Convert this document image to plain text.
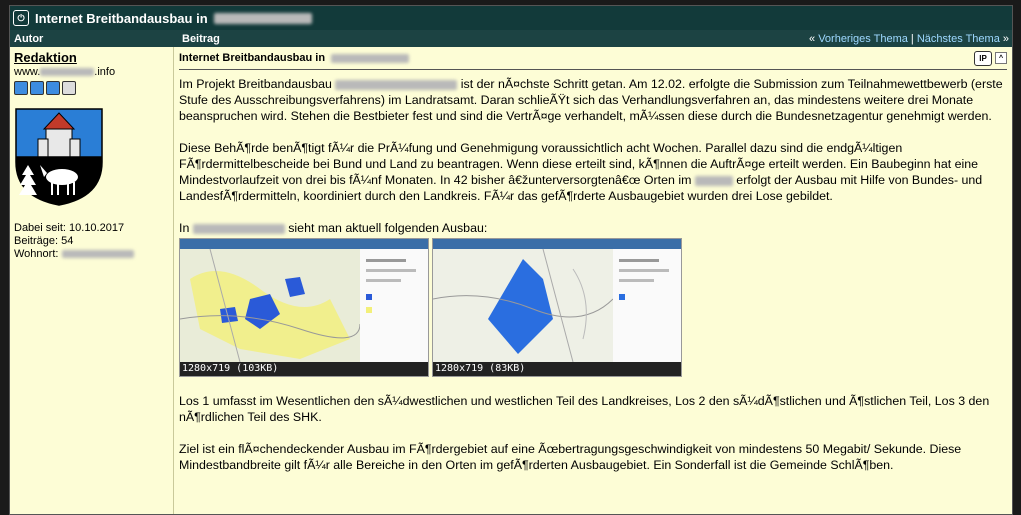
⏻ Internet Breitbandausbau in
Autor	Beitrag	« Vorheriges Thema | Nächstes Thema »
Redaktion
www.	.info
Dabei seit: 10.10.2017
Beiträge: 54
Wohnort:
Internet Breitbandausbau in	IP	^

Im Projekt Breitbandausbau	ist der nÃ¤chste Schritt getan. Am 12.02. erfolgte die Submission zum Teilnahmewettbewerb (erste Stufe des Ausschreibungsverfahrens) im Landratsamt. Daran schlieÃŸt sich das Verhandlungsverfahren an, das mindestens weitere drei Monate beanspruchen wird. Stehen die Bestbieter fest und sind die VertrÃ¤ge verhandelt, mÃ¼ssen diese durch die Bundesnetzagentur genehmigt werden.

Diese BehÃ¶rde benÃ¶tigt fÃ¼r die PrÃ¼fung und Genehmigung voraussichtlich acht Wochen. Parallel dazu sind die endgÃ¼ltigen FÃ¶rdermittelbescheide bei Bund und Land zu beantragen. Wenn diese erteilt sind, kÃ¶nnen die AuftrÃ¤ge erteilt werden. Ein Baubeginn hat eine Mindestvorlaufzeit von drei bis fÃ¼nf Monaten. In 42 bisher â€žunterversorgtenâ€œ Orten im	erfolgt der Ausbau mit Hilfe von Bundes- und LandesfÃ¶rdermitteln, koordiniert durch den Landkreis. FÃ¼r das gefÃ¶rderte Ausbaugebiet wurden drei Lose gebildet.

In	sieht man aktuell folgenden Ausbau:

1280x719 (103KB)	1280x719 (83KB)

Los 1 umfasst im Wesentlichen den sÃ¼dwestlichen und westlichen Teil des Landkreises, Los 2 den sÃ¼dÃ¶stlichen und Ã¶stlichen Teil, Los 3 den nÃ¶rdlichen Teil des SHK.

Ziel ist ein flÃ¤chendeckender Ausbau im FÃ¶rdergebiet auf eine Ãœbertragungsgeschwindigkeit von mindestens 50 Megabit/ Sekunde. Diese Mindestbandbreite gilt fÃ¼r alle Bereiche in den Orten im gefÃ¶rderten Ausbaugebiet. Ein Sonderfall ist die Gemeinde SchlÃ¶ben.
